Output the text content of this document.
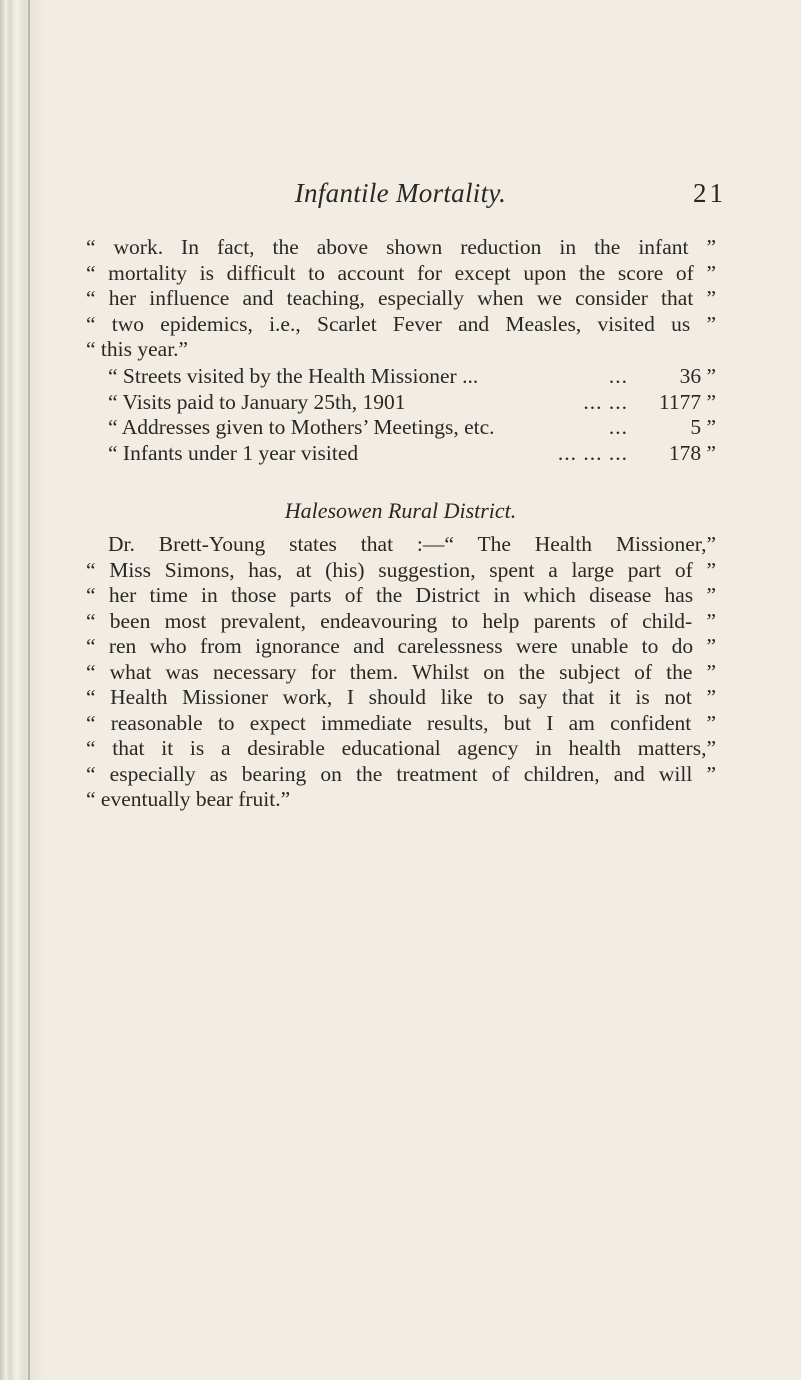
Infantile Mortality.	21
“ work. In fact, the above shown reduction in the infant ”
“ mortality is difficult to account for except upon the score of ”
“ her influence and teaching, especially when we consider that ”
“ two epidemics, i.e., Scarlet Fever and Measles, visited us ”
“ this year.”
“ Streets visited by the Health Missioner ...	...	36 ”
“ Visits paid to January 25th, 1901	... ...	1177 ”
“ Addresses given to Mothers’ Meetings, etc.	...	5 ”
“ Infants under 1 year visited	... ... ...	178 ”
Halesowen Rural District.
Dr. Brett-Young states that :—“ The Health Missioner,”
“ Miss Simons, has, at (his) suggestion, spent a large part of ”
“ her time in those parts of the District in which disease has ”
“ been most prevalent, endeavouring to help parents of child- ”
“ ren who from ignorance and carelessness were unable to do ”
“ what was necessary for them. Whilst on the subject of the ”
“ Health Missioner work, I should like to say that it is not ”
“ reasonable to expect immediate results, but I am confident ”
“ that it is a desirable educational agency in health matters,”
“ especially as bearing on the treatment of children, and will ”
“ eventually bear fruit.”
